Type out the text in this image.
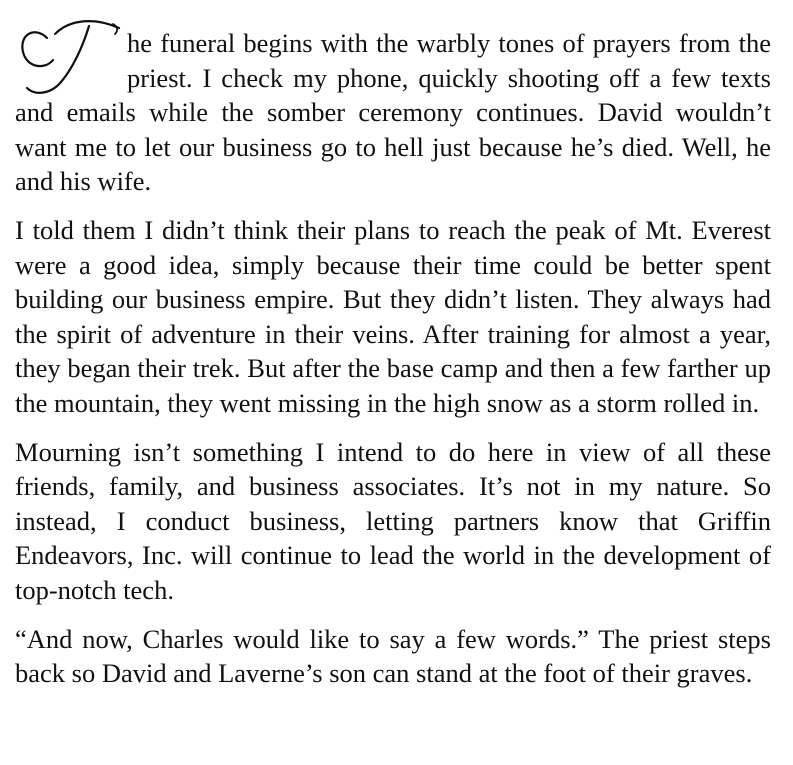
he funeral begins with the warbly tones of prayers from the priest. I check my phone, quickly shooting off a few texts and emails while the somber ceremony continues. David wouldn’t want me to let our business go to hell just because he’s died. Well, he and his wife.

I told them I didn’t think their plans to reach the peak of Mt. Everest were a good idea, simply because their time could be better spent building our business empire. But they didn’t listen. They always had the spirit of adventure in their veins. After training for almost a year, they began their trek. But after the base camp and then a few farther up the mountain, they went missing in the high snow as a storm rolled in.

Mourning isn’t something I intend to do here in view of all these friends, family, and business associates. It’s not in my nature. So instead, I conduct business, letting partners know that Griffin Endeavors, Inc. will continue to lead the world in the development of top-notch tech.

“And now, Charles would like to say a few words.” The priest steps back so David and Laverne’s son can stand at the foot of their graves.
